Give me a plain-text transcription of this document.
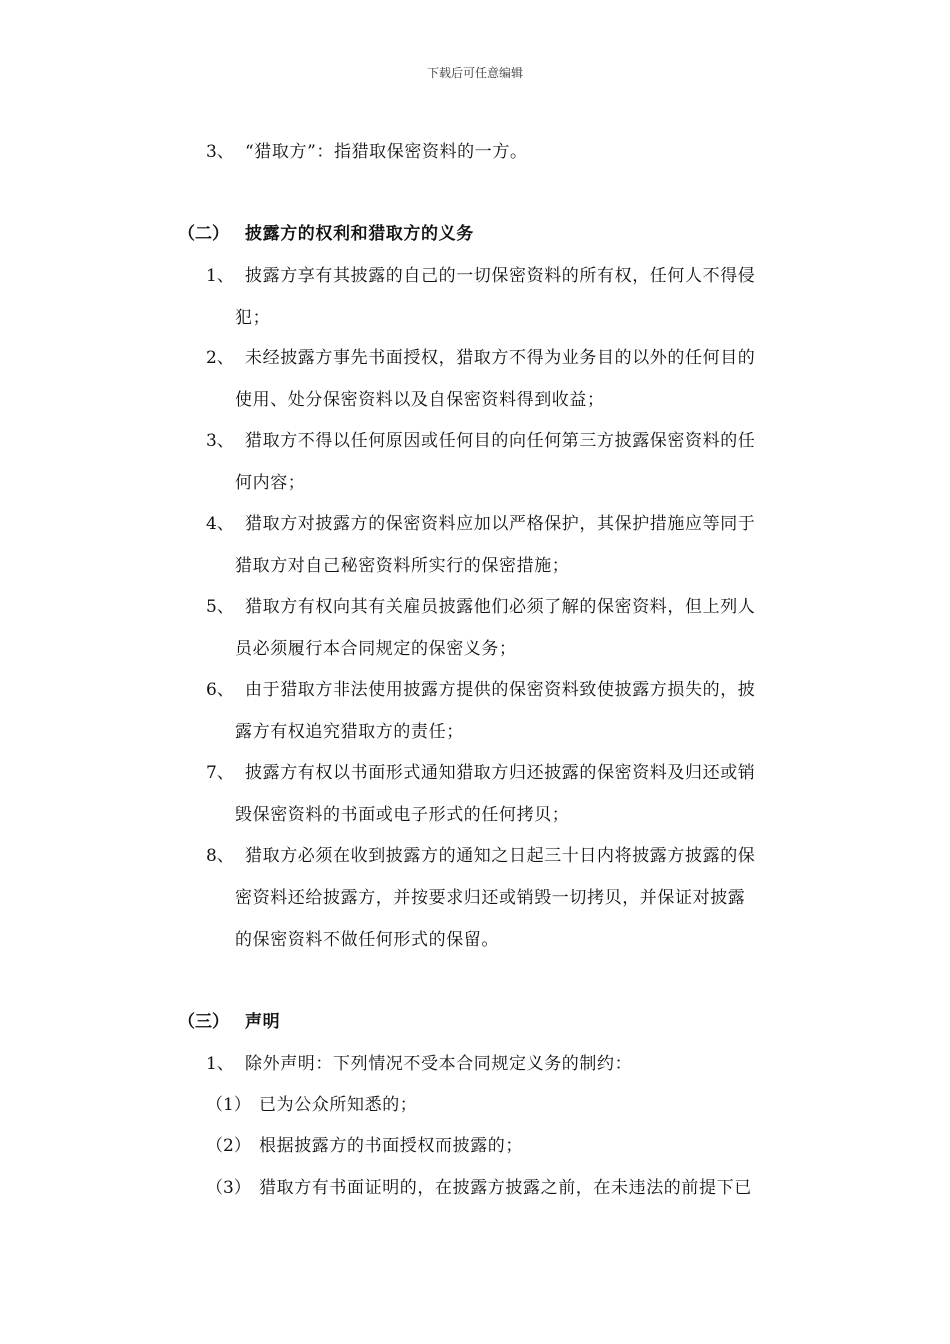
下载后可任意编辑
3、 “猎取方”：指猎取保密资料的一方。
（二） 披露方的权利和猎取方的义务
1、 披露方享有其披露的自己的一切保密资料的所有权，任何人不得侵
犯；
2、 未经披露方事先书面授权，猎取方不得为业务目的以外的任何目的
使用、处分保密资料以及自保密资料得到收益；
3、 猎取方不得以任何原因或任何目的向任何第三方披露保密资料的任
何内容；
4、 猎取方对披露方的保密资料应加以严格保护，其保护措施应等同于
猎取方对自己秘密资料所实行的保密措施；
5、 猎取方有权向其有关雇员披露他们必须了解的保密资料，但上列人
员必须履行本合同规定的保密义务；
6、 由于猎取方非法使用披露方提供的保密资料致使披露方损失的，披
露方有权追究猎取方的责任；
7、 披露方有权以书面形式通知猎取方归还披露的保密资料及归还或销
毁保密资料的书面或电子形式的任何拷贝；
8、 猎取方必须在收到披露方的通知之日起三十日内将披露方披露的保
密资料还给披露方，并按要求归还或销毁一切拷贝，并保证对披露
的保密资料不做任何形式的保留。
（三） 声明
1、 除外声明：下列情况不受本合同规定义务的制约：
（1） 已为公众所知悉的；
（2） 根据披露方的书面授权而披露的；
（3） 猎取方有书面证明的，在披露方披露之前，在未违法的前提下已
